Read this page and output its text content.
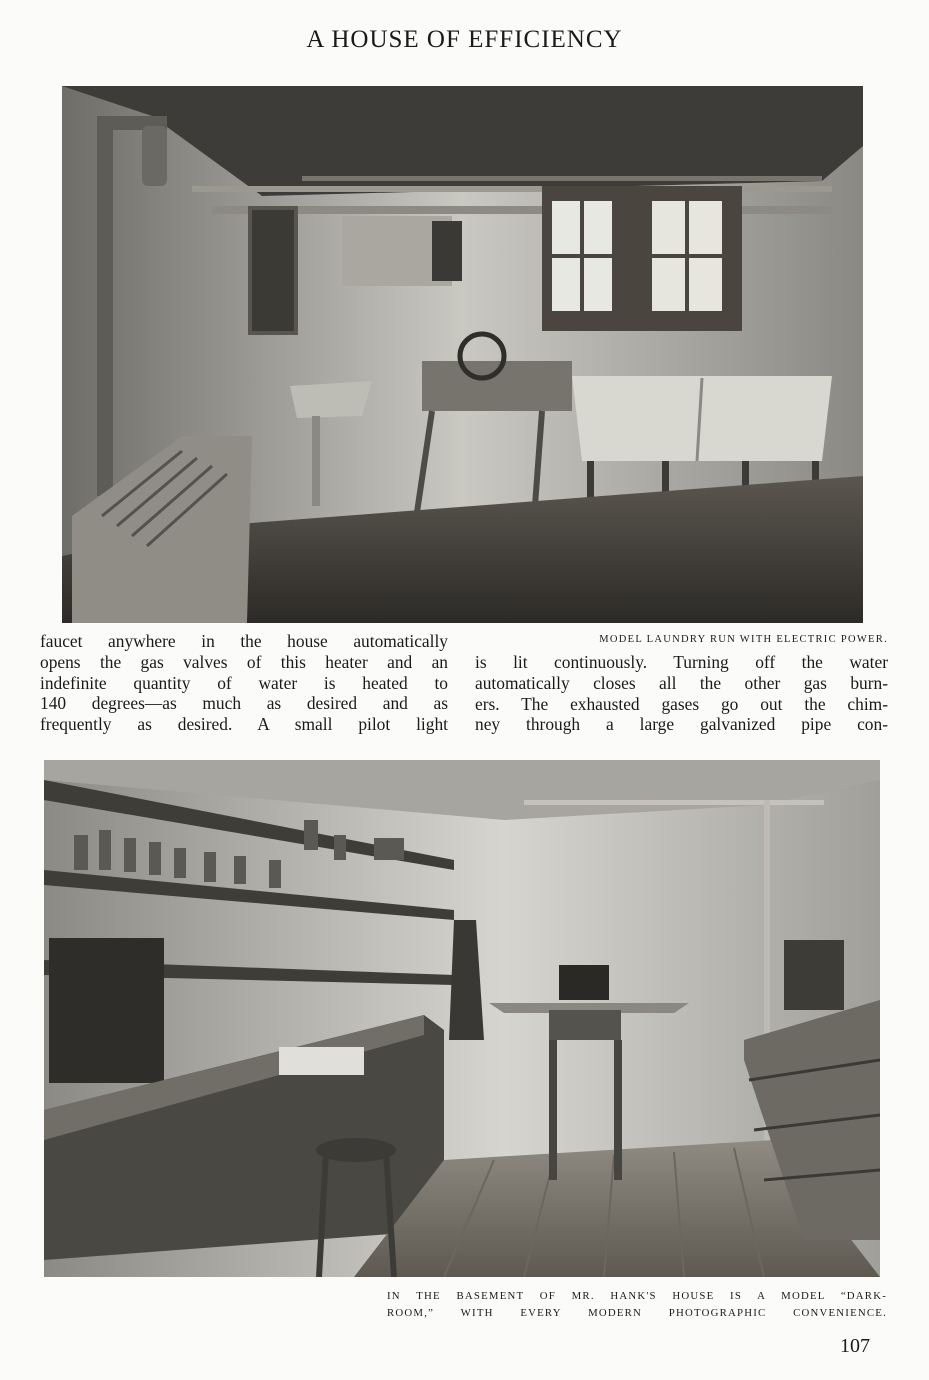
A HOUSE OF EFFICIENCY
faucet anywhere in the house automatically
opens the gas valves of this heater and an
indefinite quantity of water is heated to
140 degrees—as much as desired and as
frequently as desired. A small pilot light
MODEL LAUNDRY RUN WITH ELECTRIC POWER.
is lit continuously. Turning off the water
automatically closes all the other gas burn-
ers. The exhausted gases go out the chim-
ney through a large galvanized pipe con-
IN THE BASEMENT OF MR. HANK'S HOUSE IS A MODEL “DARK-
ROOM,” WITH EVERY MODERN PHOTOGRAPHIC CONVENIENCE.
107
